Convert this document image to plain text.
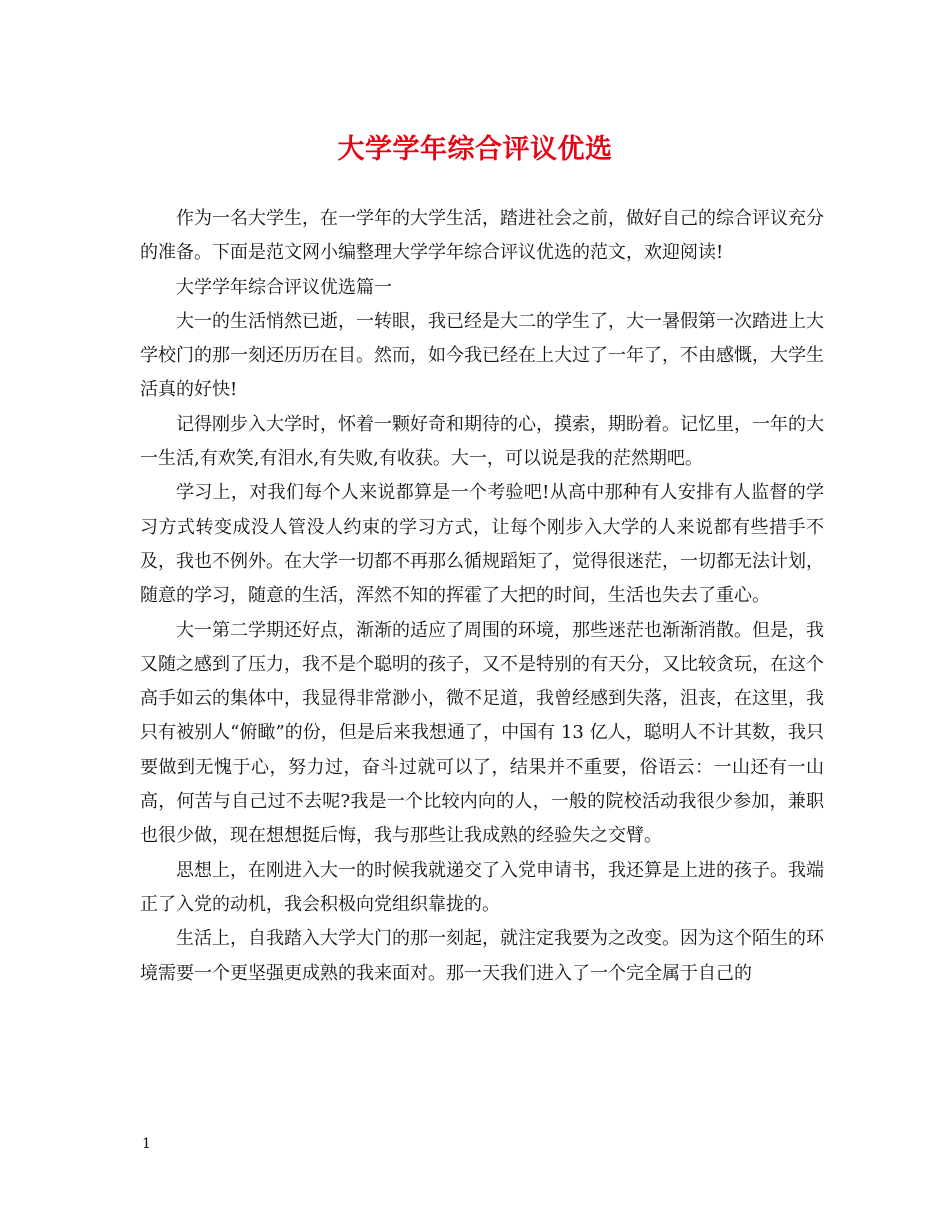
大学学年综合评议优选

作为一名大学生，在一学年的大学生活，踏进社会之前，做好自己的综合评议充分的准备。下面是范文网小编整理大学学年综合评议优选的范文，欢迎阅读!

大学学年综合评议优选篇一

大一的生活悄然已逝，一转眼，我已经是大二的学生了，大一暑假第一次踏进上大学校门的那一刻还历历在目。然而，如今我已经在上大过了一年了，不由感慨，大学生活真的好快!

记得刚步入大学时，怀着一颗好奇和期待的心，摸索，期盼着。记忆里，一年的大一生活,有欢笑,有泪水,有失败,有收获。大一，可以说是我的茫然期吧。

学习上，对我们每个人来说都算是一个考验吧!从高中那种有人安排有人监督的学习方式转变成没人管没人约束的学习方式，让每个刚步入大学的人来说都有些措手不及，我也不例外。在大学一切都不再那么循规蹈矩了，觉得很迷茫，一切都无法计划，随意的学习，随意的生活，浑然不知的挥霍了大把的时间，生活也失去了重心。

大一第二学期还好点，渐渐的适应了周围的环境，那些迷茫也渐渐消散。但是，我又随之感到了压力，我不是个聪明的孩子，又不是特别的有天分，又比较贪玩，在这个高手如云的集体中，我显得非常渺小，微不足道，我曾经感到失落，沮丧，在这里，我只有被别人“俯瞰”的份，但是后来我想通了，中国有 13 亿人，聪明人不计其数，我只要做到无愧于心，努力过，奋斗过就可以了，结果并不重要，俗语云：一山还有一山高，何苦与自己过不去呢?我是一个比较内向的人，一般的院校活动我很少参加，兼职也很少做，现在想想挺后悔，我与那些让我成熟的经验失之交臂。

思想上，在刚进入大一的时候我就递交了入党申请书，我还算是上进的孩子。我端正了入党的动机，我会积极向党组织靠拢的。

生活上，自我踏入大学大门的那一刻起，就注定我要为之改变。因为这个陌生的环境需要一个更坚强更成熟的我来面对。那一天我们进入了一个完全属于自己的

1
